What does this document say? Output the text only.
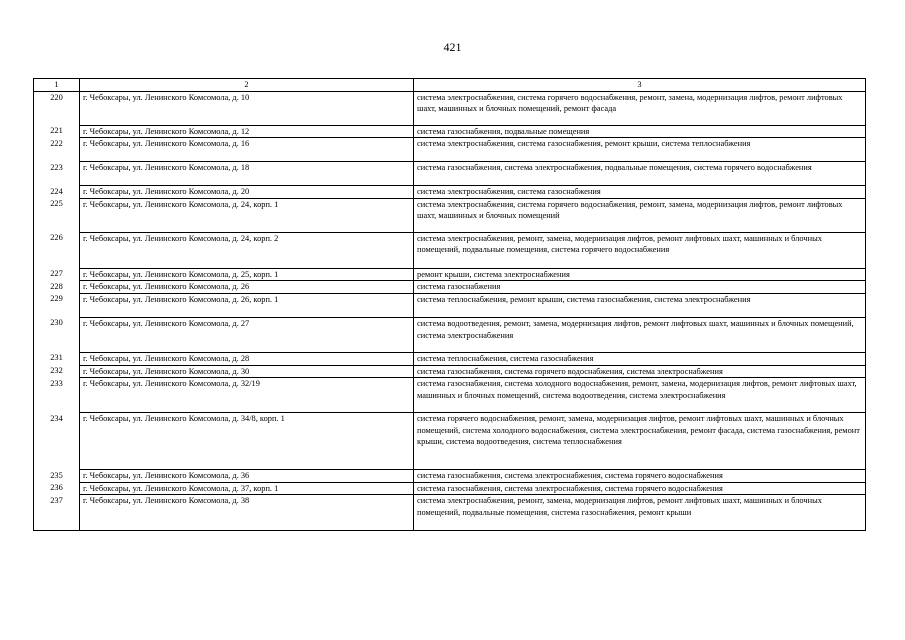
421
1	2	3
220	г. Чебоксары, ул. Ленинского Комсомола, д. 10	система электроснабжения, система горячего водоснабжения, ремонт, замена, модернизация лифтов, ремонт лифтовых шахт, машинных и блочных помещений, ремонт фасада
221	г. Чебоксары, ул. Ленинского Комсомола, д. 12	система газоснабжения, подвальные помещения
222	г. Чебоксары, ул. Ленинского Комсомола, д. 16	система электроснабжения, система газоснабжения, ремонт крыши, система теплоснабжения
223	г. Чебоксары, ул. Ленинского Комсомола, д. 18	система газоснабжения, система электроснабжения, подвальные помещения, система горячего водоснабжения
224	г. Чебоксары, ул. Ленинского Комсомола, д. 20	система электроснабжения, система газоснабжения
225	г. Чебоксары, ул. Ленинского Комсомола, д. 24, корп. 1	система электроснабжения, система горячего водоснабжения, ремонт, замена, модернизация лифтов, ремонт лифтовых шахт, машинных и блочных помещений
226	г. Чебоксары, ул. Ленинского Комсомола, д. 24, корп. 2	система электроснабжения, ремонт, замена, модернизация лифтов, ремонт лифтовых шахт, машинных и блочных помещений, подвальные помещения, система горячего водоснабжения
227	г. Чебоксары, ул. Ленинского Комсомола, д. 25, корп. 1	ремонт крыши, система электроснабжения
228	г. Чебоксары, ул. Ленинского Комсомола, д. 26	система газоснабжения
229	г. Чебоксары, ул. Ленинского Комсомола, д. 26, корп. 1	система теплоснабжения, ремонт крыши, система газоснабжения, система электроснабжения
230	г. Чебоксары, ул. Ленинского Комсомола, д. 27	система водоотведения, ремонт, замена, модернизация лифтов, ремонт лифтовых шахт, машинных и блочных помещений, система электроснабжения
231	г. Чебоксары, ул. Ленинского Комсомола, д. 28	система теплоснабжения, система газоснабжения
232	г. Чебоксары, ул. Ленинского Комсомола, д. 30	система газоснабжения, система горячего водоснабжения, система электроснабжения
233	г. Чебоксары, ул. Ленинского Комсомола, д. 32/19	система газоснабжения, система холодного водоснабжения, ремонт, замена, модернизация лифтов, ремонт лифтовых шахт, машинных и блочных помещений, система водоотведения, система электроснабжения
234	г. Чебоксары, ул. Ленинского Комсомола, д. 34/8, корп. 1	система горячего водоснабжения, ремонт, замена, модернизация лифтов, ремонт лифтовых шахт, машинных и блочных помещений, система холодного водоснабжения, система электроснабжения, ремонт фасада, система газоснабжения, ремонт крыши, система водоотведения, система теплоснабжения
235	г. Чебоксары, ул. Ленинского Комсомола, д. 36	система газоснабжения, система электроснабжения, система горячего водоснабжения
236	г. Чебоксары, ул. Ленинского Комсомола, д. 37, корп. 1	система газоснабжения, система электроснабжения, система горячего водоснабжения
237	г. Чебоксары, ул. Ленинского Комсомола, д. 38	система электроснабжения, ремонт, замена, модернизация лифтов, ремонт лифтовых шахт, машинных и блочных помещений, подвальные помещения, система газоснабжения, ремонт крыши
